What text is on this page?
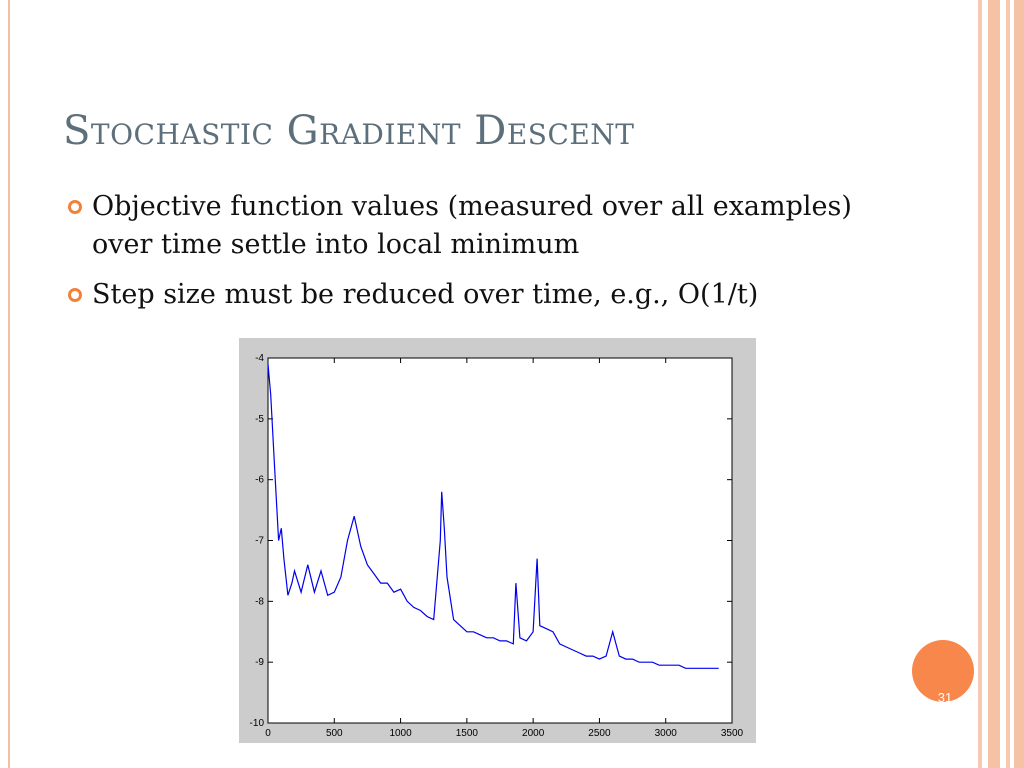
Stochastic Gradient Descent
Objective function values (measured over all examples) over time settle into local minimum
Step size must be reduced over time, e.g., O(1/t)
0	500	1000	1500	2000	2500	3000	3500
-4
-5
-6
-7
-8
-9
-10
31
